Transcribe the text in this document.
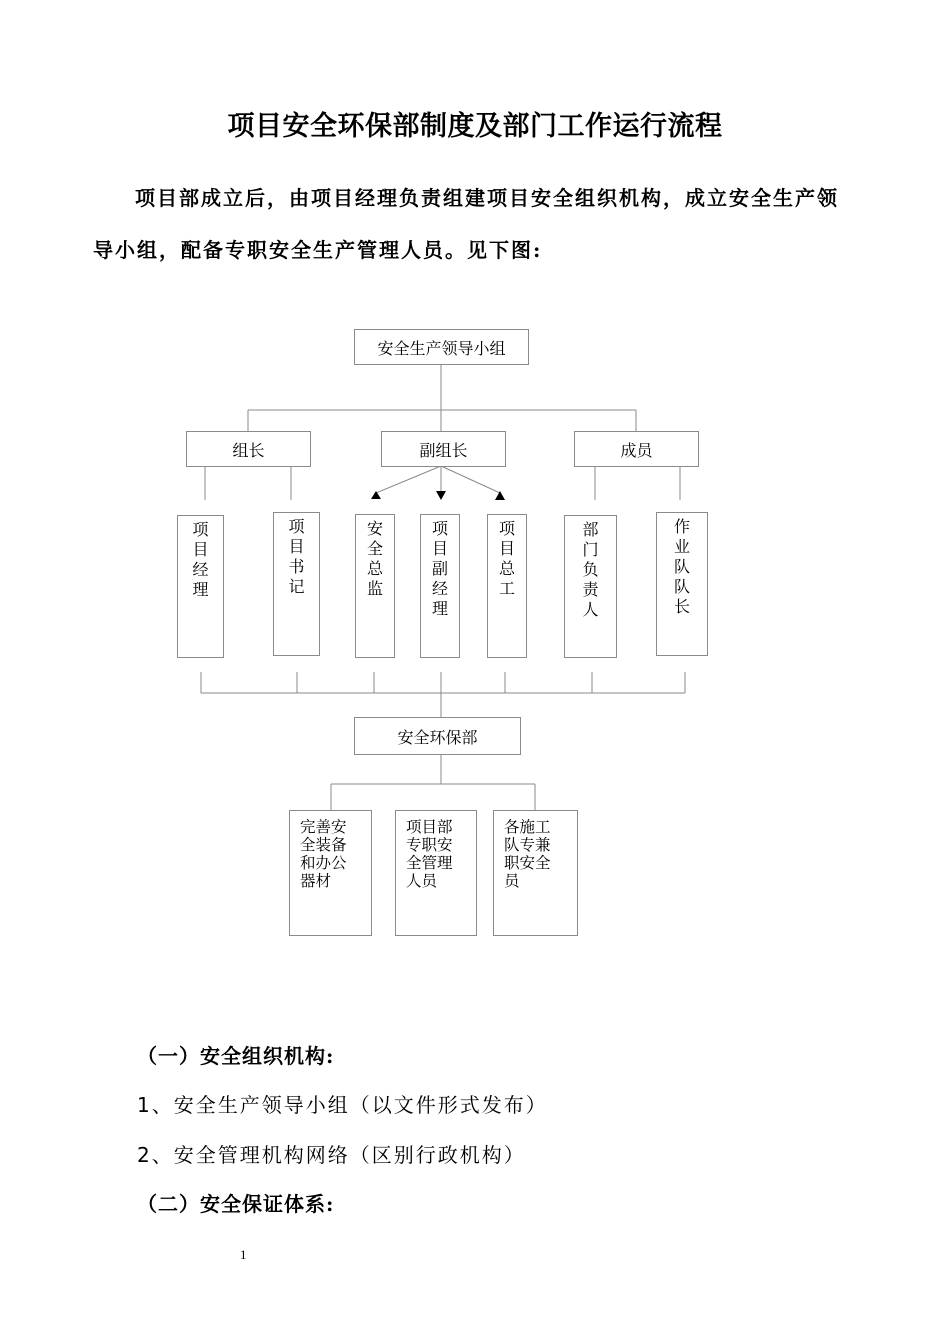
项目安全环保部制度及部门工作运行流程
项目部成立后，由项目经理负责组建项目安全组织机构，成立安全生产领
导小组，配备专职安全生产管理人员。见下图:
安全生产领导小组
组长	副组长	成员
项目经理
项目书记
安全总监
项目副经理
项目总工
部门负责人
作业队队长
安全环保部
完善安全装备和办公器材
项目部专职安全管理人员
各施工队专兼职安全员
（一）安全组织机构:
1、安全生产领导小组（以文件形式发布）
2、安全管理机构网络（区别行政机构）
（二）安全保证体系:
1
